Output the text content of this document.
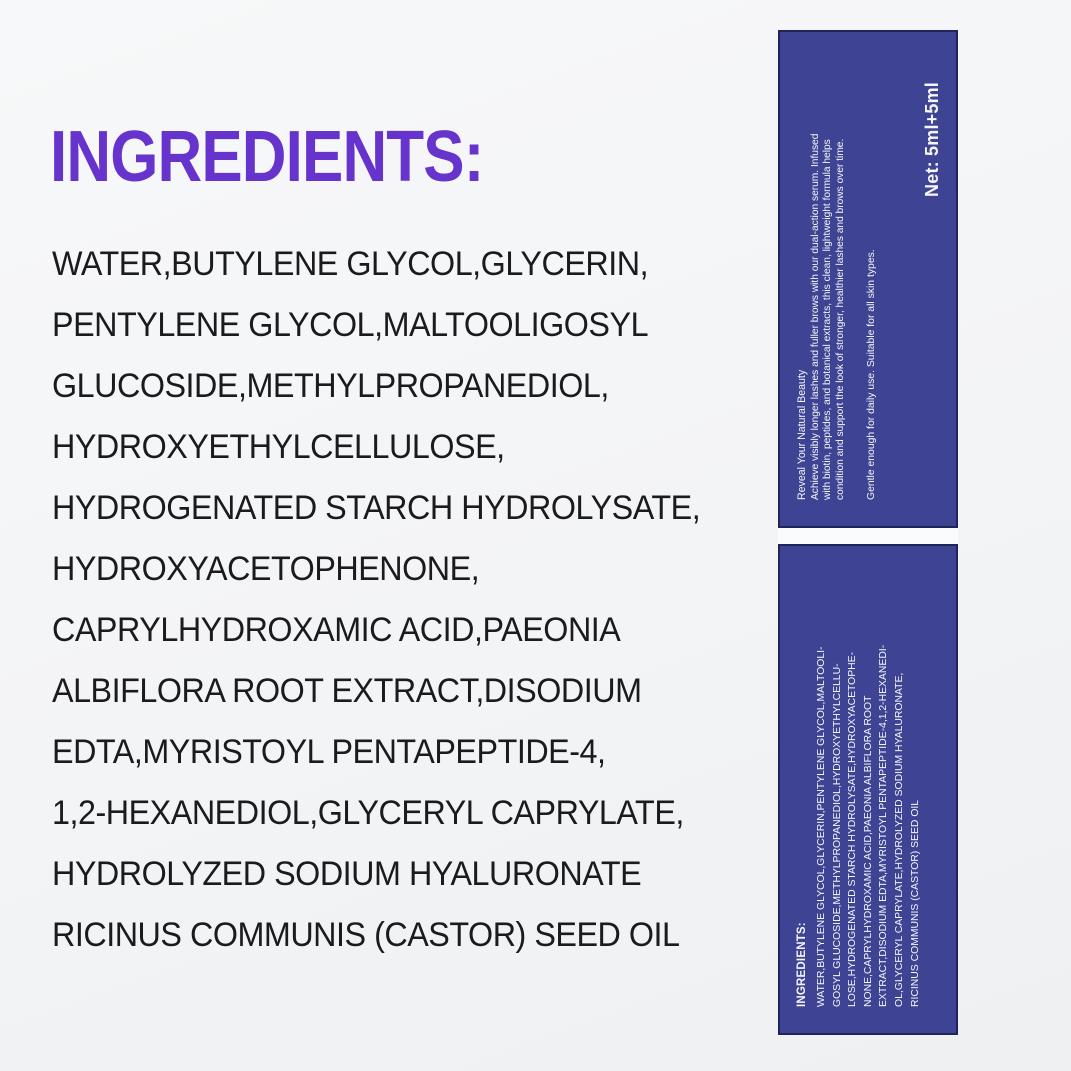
INGREDIENTS:
WATER,BUTYLENE GLYCOL,GLYCERIN,
PENTYLENE GLYCOL,MALTOOLIGOSYL
GLUCOSIDE,METHYLPROPANEDIOL,
HYDROXYETHYLCELLULOSE,
HYDROGENATED STARCH HYDROLYSATE,
HYDROXYACETOPHENONE,
CAPRYLHYDROXAMIC ACID,PAEONIA
ALBIFLORA ROOT EXTRACT,DISODIUM
EDTA,MYRISTOYL PENTAPEPTIDE-4,
1,2-HEXANEDIOL,GLYCERYL CAPRYLATE,
HYDROLYZED SODIUM HYALURONATE
RICINUS COMMUNIS (CASTOR) SEED OIL
Reveal Your Natural Beauty Achieve visibly longer lashes and fuller brows with our dual-action serum. Infused with biotin, peptides, and botanical extracts, this clean, lightweight formula helps condition and support the look of stronger, healthier lashes and brows over time. Gentle enough for daily use. Suitable for all skin types.
Net: 5ml+5ml
INGREDIENTS: WATER,BUTYLENE GLYCOL,GLYCERIN,PENTYLENE GLYCOL,MALTOOLI- GOSYL GLUCOSIDE,METHYLPROPANEDIOL,HYDROXYETHYLCELLU- LOSE,HYDROGENATED STARCH HYDROLYSATE,HYDROXYACETOPHE- NONE,CAPRYLHYDROXAMIC ACID,PAEONIA ALBIFLORA ROOT EXTRACT,DISODIUM EDTA,MYRISTOYL PENTAPEPTIDE-4,1,2-HEXANEDI- OL,GLYCERYL CAPRYLATE,HYDROLYZED SODIUM HYALURONATE, RICINUS COMMUNIS (CASTOR) SEED OIL
